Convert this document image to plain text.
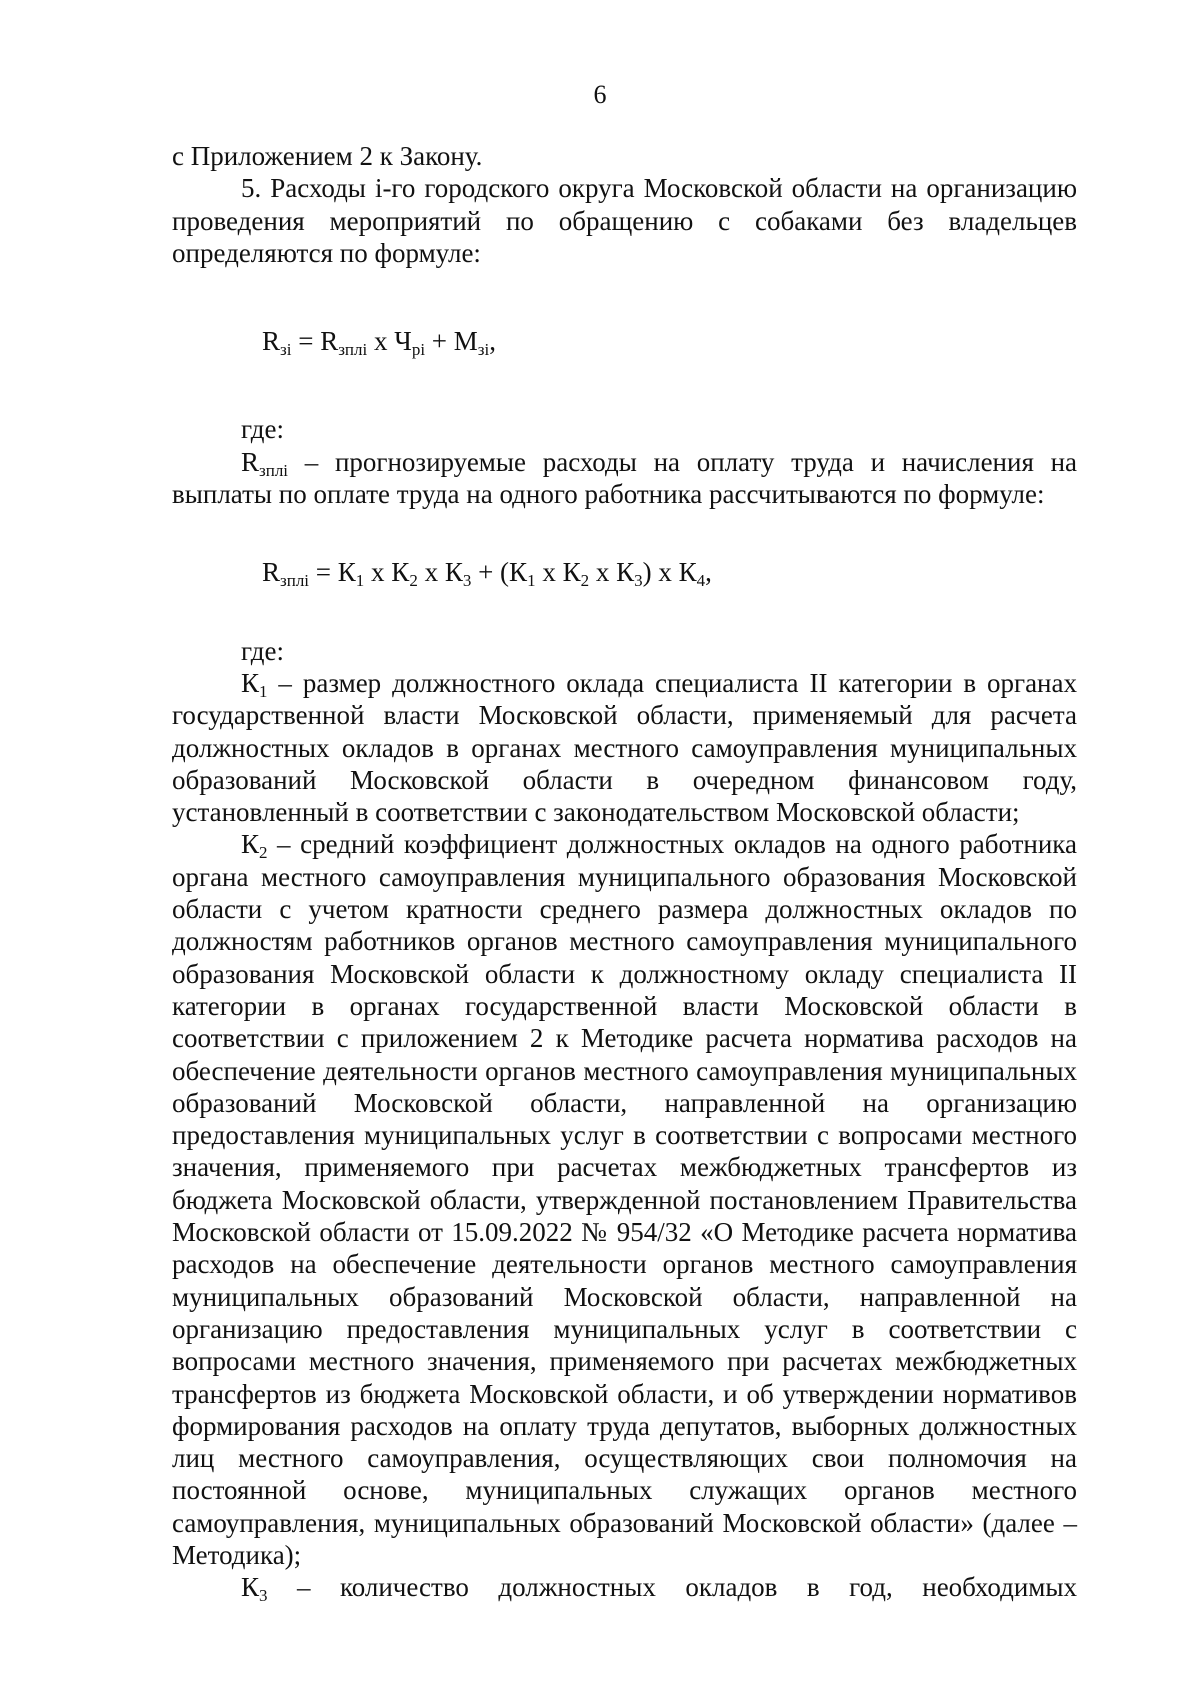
6

с Приложением 2 к Закону.

5. Расходы i-го городского округа Московской области на организацию проведения мероприятий по обращению с собаками без владельцев определяются по формуле:

$R_{зi} = R_{зплi}$ х $Ч_{рi} + М_{зi}$,

где:

$R_{зплi}$ – прогнозируемые расходы на оплату труда и начисления на выплаты по оплате труда на одного работника рассчитываются по формуле:

$R_{зплi} = К_1$ х $К_2$ х $К_3 + (К_1$ х $К_2$ х $К_3$) х $К_4$,

где:

$К_1$ – размер должностного оклада специалиста II категории в органах государственной власти Московской области, применяемый для расчета должностных окладов в органах местного самоуправления муниципальных образований Московской области в очередном финансовом году, установленный в соответствии с законодательством Московской области;

$К_2$ – средний коэффициент должностных окладов на одного работника органа местного самоуправления муниципального образования Московской области с учетом кратности среднего размера должностных окладов по должностям работников органов местного самоуправления муниципального образования Московской области к должностному окладу специалиста II категории в органах государственной власти Московской области в соответствии с приложением 2 к Методике расчета норматива расходов на обеспечение деятельности органов местного самоуправления муниципальных образований Московской области, направленной на организацию предоставления муниципальных услуг в соответствии с вопросами местного значения, применяемого при расчетах межбюджетных трансфертов из бюджета Московской области, утвержденной постановлением Правительства Московской области от 15.09.2022 № 954/32 «О Методике расчета норматива расходов на обеспечение деятельности органов местного самоуправления муниципальных образований Московской области, направленной на организацию предоставления муниципальных услуг в соответствии с вопросами местного значения, применяемого при расчетах межбюджетных трансфертов из бюджета Московской области, и об утверждении нормативов формирования расходов на оплату труда депутатов, выборных должностных лиц местного самоуправления, осуществляющих свои полномочия на постоянной основе, муниципальных служащих органов местного самоуправления, муниципальных образований Московской области» (далее – Методика);

$К_3$ – количество должностных окладов в год, необходимых
